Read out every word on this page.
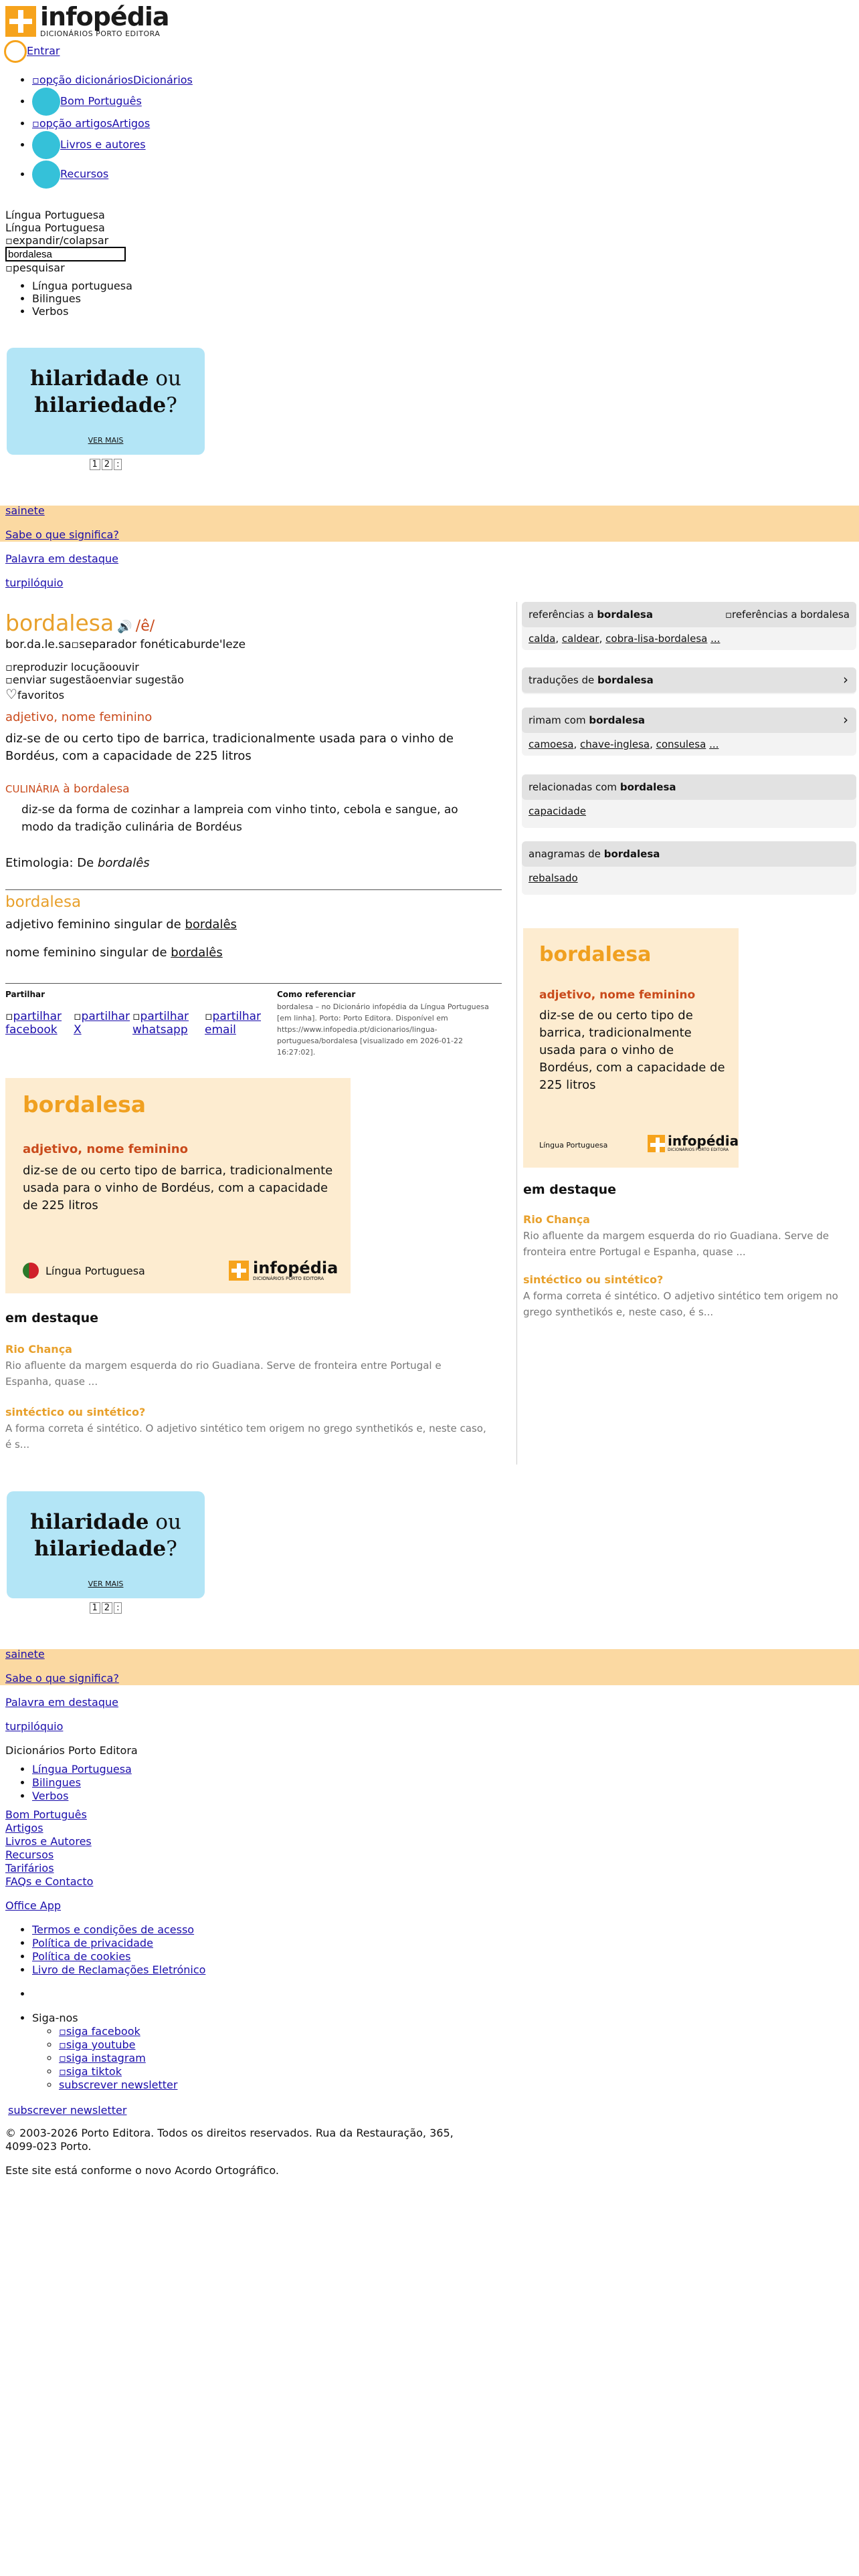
infopédia
DICIONÁRIOS PORTO EDITORA
Entrar
• ▫opção dicionáriosDicionários
• Bom Português
• ▫opção artigosArtigos
• Livros e autores
• Recursos
Língua Portuguesa
Língua Portuguesa
▫expandir/colapsar
bordalesa
▫pesquisar
• Língua portuguesa
• Bilingues
• Verbos
hilaridade ou
hilariedade?
VER MAIS
1 2 :
sainete
Sabe o que significa?
Palavra em destaque
turpilóquio
bordalesa 🔊 /ê/
bor.da.le.sa▫separador fonéticaburde'leze
▫reproduzir locuçãoouvir
▫enviar sugestãoenviar sugestão
♡favoritos
adjetivo, nome feminino
diz-se de ou certo tipo de barrica, tradicionalmente usada para o vinho de Bordéus, com a capacidade de 225 litros
CULINÁRIA à bordalesa
diz-se da forma de cozinhar a lampreia com vinho tinto, cebola e sangue, ao modo da tradição culinária de Bordéus
Etimologia: De bordalês
bordalesa
adjetivo feminino singular de bordalês
nome feminino singular de bordalês
Partilhar
▫partilhar facebook
▫partilhar X
▫partilhar whatsapp
▫partilhar email
Como referenciar
bordalesa – no Dicionário infopédia da Língua Portuguesa [em linha]. Porto: Porto Editora. Disponível em https://www.infopedia.pt/dicionarios/lingua-portuguesa/bordalesa [visualizado em 2026-01-22 16:27:02].
bordalesa
adjetivo, nome feminino
diz-se de ou certo tipo de barrica, tradicionalmente usada para o vinho de Bordéus, com a capacidade de 225 litros
Língua Portuguesa	infopédia
DICIONÁRIOS PORTO EDITORA
em destaque
Rio Chança
Rio afluente da margem esquerda do rio Guadiana. Serve de fronteira entre Portugal e Espanha, quase ...
sintéctico ou sintético?
A forma correta é sintético. O adjetivo sintético tem origem no grego synthetikós e, neste caso, é s...
referências a bordalesa	▫referências a bordalesa
calda, caldear, cobra-lisa-bordalesa ...
traduções de bordalesa	›
rimam com bordalesa	›
camoesa, chave-inglesa, consulesa ...
relacionadas com bordalesa
capacidade
anagramas de bordalesa
rebalsado
bordalesa
adjetivo, nome feminino
diz-se de ou certo tipo de barrica, tradicionalmente usada para o vinho de Bordéus, com a capacidade de 225 litros
Língua Portuguesa	infopédia
DICIONÁRIOS PORTO EDITORA
em destaque
Rio Chança
Rio afluente da margem esquerda do rio Guadiana. Serve de fronteira entre Portugal e Espanha, quase ...
sintéctico ou sintético?
A forma correta é sintético. O adjetivo sintético tem origem no grego synthetikós e, neste caso, é s...
hilaridade ou
hilariedade?
VER MAIS
1 2 :
sainete
Sabe o que significa?
Palavra em destaque
turpilóquio
Dicionários Porto Editora
• Língua Portuguesa
• Bilingues
• Verbos
Bom Português
Artigos
Livros e Autores
Recursos
Tarifários
FAQs e Contacto
Office App
• Termos e condições de acesso
• Política de privacidade
• Política de cookies
• Livro de Reclamações Eletrónico
•
• Siga-nos
◦ ▫siga facebook
◦ ▫siga youtube
◦ ▫siga instagram
◦ ▫siga tiktok
◦ subscrever newsletter
subscrever newsletter
© 2003-2026 Porto Editora. Todos os direitos reservados. Rua da Restauração, 365, 4099-023 Porto.
Este site está conforme o novo Acordo Ortográfico.
